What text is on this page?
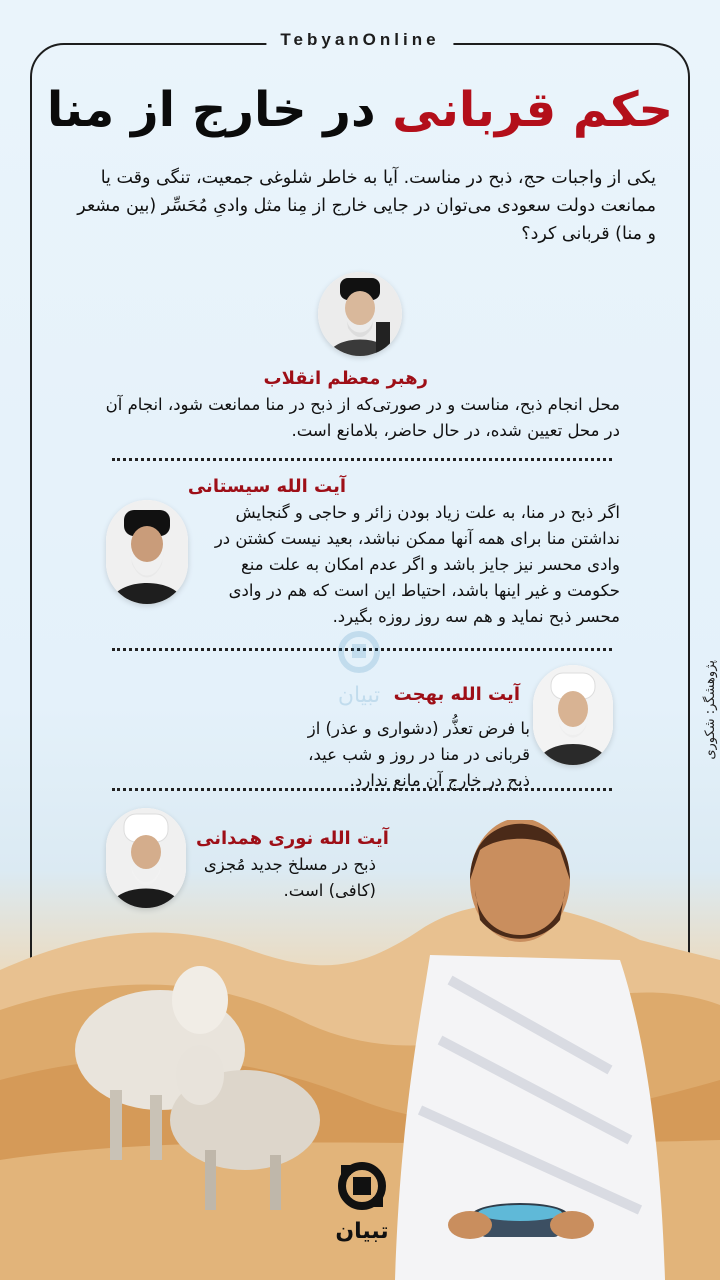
TebyanOnline
حکم قربانی در خارج از منا
یکی از واجبات حج، ذبح در مناست. آیا به خاطر شلوغی جمعیت، تنگی وقت یا ممانعت دولت سعودی می‌توان در جایی خارج از مِنا مثل وادیِ مُحَسِّر (بین مشعر و منا) قربانی کرد؟
رهبر معظم انقلاب
محل انجام ذبح، مناست و در صورتی‌که از ذبح در منا ممانعت شود، انجام آن در محل تعیین شده، در حال حاضر، بلامانع است.
آیت الله سیستانی
اگر ذبح در منا، به علت زیاد بودن زائر و حاجی و گنجایش نداشتن منا برای همه آنها ممکن نباشد، بعید نیست کشتن در وادی محسر نیز جایز باشد و اگر عدم امکان به علت منع حکومت و غیر اینها باشد، احتیاط این است که هم در وادی محسر ذبح نماید و هم سه روز روزه بگیرد.
تبیان آیت الله بهجت
با فرض تعذُّر (دشواری و عذر) از قربانی در منا در روز و شب عید، ذبح در خارج آن مانع ندارد.
آیت الله نوری همدانی
ذبح در مسلخ جدید مُجزی (کافی) است.
پژوهشگر: شکوری
تبیان
